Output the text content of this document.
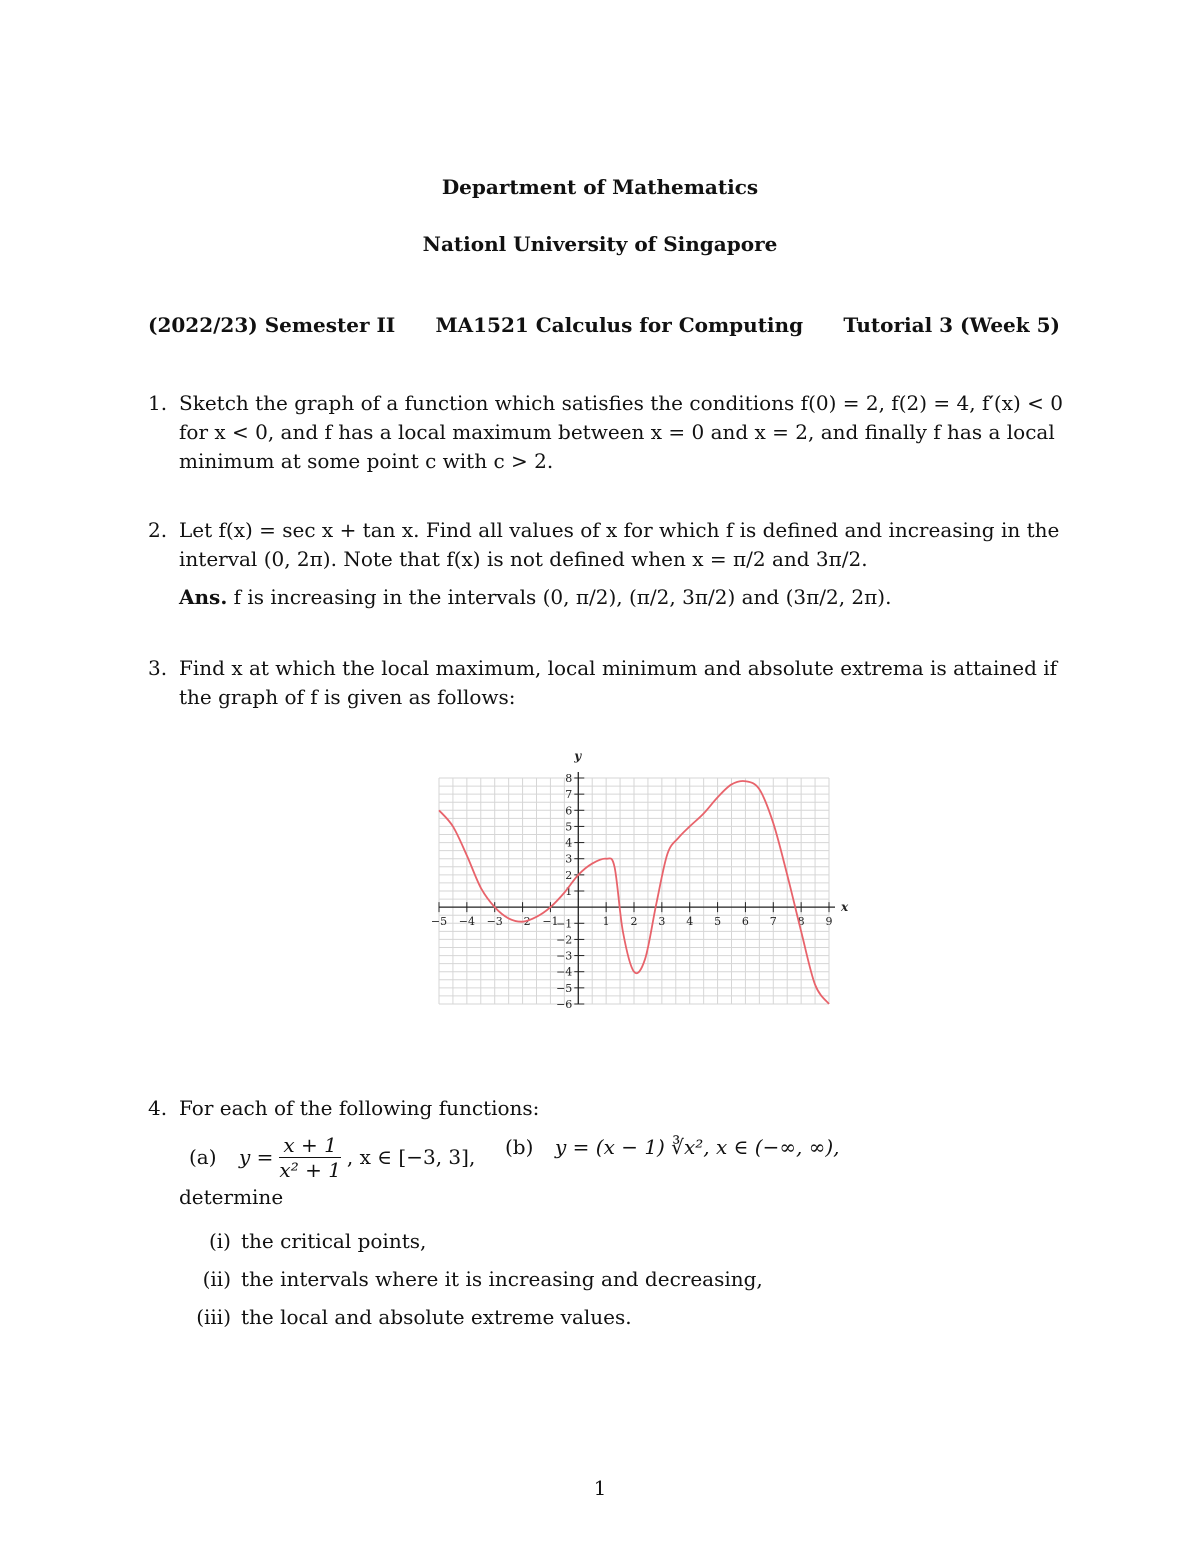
Department of Mathematics
Nationl University of Singapore
(2022/23) Semester II MA1521 Calculus for Computing Tutorial 3 (Week 5)
1. Sketch the graph of a function which satisfies the conditions f(0) = 2, f(2) = 4, f′(x) < 0 for x < 0, and f has a local maximum between x = 0 and x = 2, and finally f has a local minimum at some point c with c > 2.

2. Let f(x) = sec x + tan x. Find all values of x for which f is defined and increasing in the interval (0, 2π). Note that f(x) is not defined when x = π/2 and 3π/2.

Ans. f is increasing in the intervals (0, π/2), (π/2, 3π/2) and (3π/2, 2π).

3. Find x at which the local maximum, local minimum and absolute extrema is attained if the graph of f is given as follows:

x
y
−5 −4 −3 −2 −1	1 2 3 4 5 6 7 8 9
8
7
6
5
4
3
2
1
−1
−2
−3
−4
−5
−6
4. For each of the following functions:

(a)	$y = \frac{x + 1}{\text{x² + 1}}$ , x ∈ [−3, 3], (b)	y = (x − 1) ∛x², x ∈ (−∞, ∞),

determine

(i) the critical points,
(ii) the intervals where it is increasing and decreasing,
(iii) the local and absolute extreme values.
1
